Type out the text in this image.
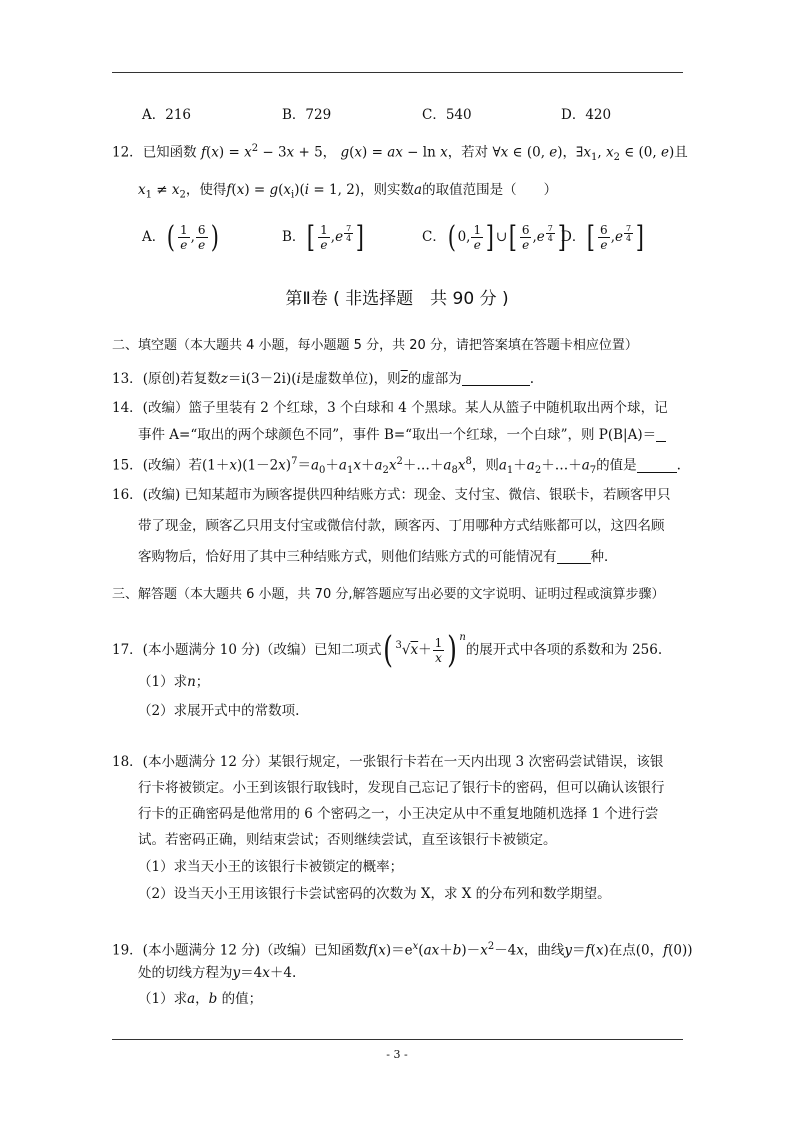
A．216	B．729	C．540	D．420
12．已知函数 $f(x) = x^2 - 3x + 5$， g(x) = ax − ln x，若对 ∀x ∈ (0, e)，$\exists x_1$, $x_2$ ∈ (0, e)且
$x_1 \ne x_2$，使得$f(x) = g(x_i)(i = 1$, 2)，则实数a的取值范围是（　　）
A．( $\frac{1}{e}$ , $\frac{6}{e}$ )	B．[ $\frac{1}{e} ,e$ $^{\frac{7}{4}}$ ]	C．( 0, $\frac{1}{e}$ ] ∪[ $\frac{6}{e} ,e$ $^{\frac{7}{4}}$ ]
D．[ $\frac{6}{e} ,e$ $^{\frac{7}{4}}$ ]
第Ⅱ卷 ( 非选择题　共 90 分 )
二、填空题（本大题共 4 小题，每小题题 5 分，共 20 分，请把答案填在答题卡相应位置）
13．(原创)若复数z＝i(3－2i)(i是虚数单位)，则$\overline{z}$的虚部为	.
14．(改编）篮子里装有 2 个红球，3 个白球和 4 个黑球。某人从篮子中随机取出两个球，记
事件 A=“取出的两个球颜色不同”，事件 B=“取出一个红球，一个白球”，则 P(B|A)＝
15．(改编）若$(1+x)(1-2x)^7=a_0+a_1x+a_2x^2+\dots+a_8x^8$，则$a_1+a_2+\dots+a_7$的值是	.
16．(改编) 已知某超市为顾客提供四种结账方式：现金、支付宝、微信、银联卡，若顾客甲只
带了现金，顾客乙只用支付宝或微信付款，顾客丙、丁用哪种方式结账都可以，这四名顾
客购物后，恰好用了其中三种结账方式，则他们结账方式的可能情况有	种．
三、解答题（本大题共 6 小题，共 70 分,解答题应写出必要的文字说明、证明过程或演算步骤）
17．(本小题满分 10 分)（改编）已知二项式( $^3√x+ \frac{1}{x}$ ) $^n$的展开式中各项的系数和为 256.
（1）求n；
（2）求展开式中的常数项.
18．(本小题满分 12 分）某银行规定，一张银行卡若在一天内出现 3 次密码尝试错误，该银
行卡将被锁定。小王到该银行取钱时，发现自己忘记了银行卡的密码，但可以确认该银行
行卡的正确密码是他常用的 6 个密码之一，小王决定从中不重复地随机选择 1 个进行尝
试。若密码正确，则结束尝试；否则继续尝试，直至该银行卡被锁定。
（1）求当天小王的该银行卡被锁定的概率；
（2）设当天小王用该银行卡尝试密码的次数为 X，求 X 的分布列和数学期望。
19．(本小题满分 12 分)（改编）已知函数$f(x)=e^x(ax+b)-x^2-4x$，曲线y＝f(x)在点(0，f(0))
处的切线方程为y＝4x＋4.
（1）求a，b 的值；
- 3 -
